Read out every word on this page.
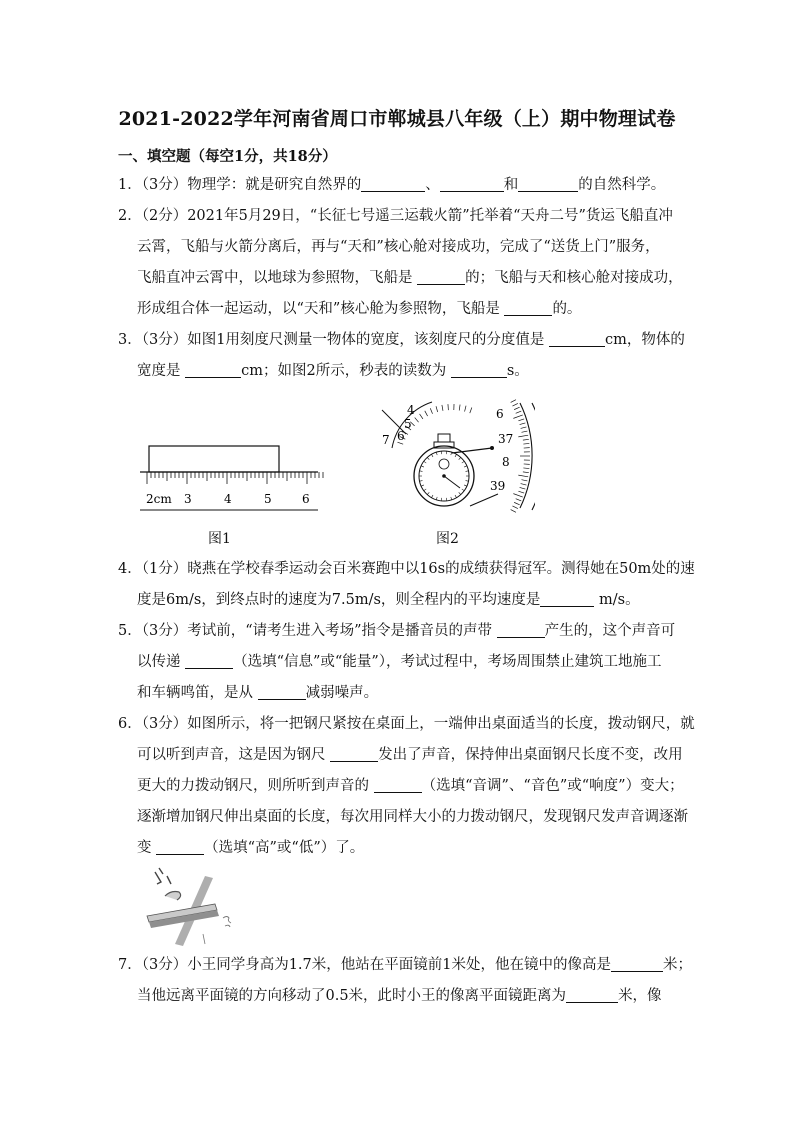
2021-2022学年河南省周口市郸城县八年级（上）期中物理试卷
一、填空题（每空1分，共18分）
1．（3分）物理学：就是研究自然界的	、	和	的自然科学。
2．（2分）2021年5月29日，“长征七号遥三运载火箭”托举着“天舟二号”货运飞船直冲
云霄，飞船与火箭分离后，再与“天和”核心舱对接成功，完成了“送货上门”服务，
飞船直冲云霄中，以地球为参照物，飞船是	的；飞船与天和核心舱对接成功，
形成组合体一起运动，以“天和”核心舱为参照物，飞船是	的。
3．（3分）如图1用刻度尺测量一物体的宽度，该刻度尺的分度值是	cm，物体的
宽度是	cm；如图2所示，秒表的读数为	s。
2cm 3	4	5	6
图1
4
5
6
7
6
37
8
39
图2
4．（1分）晓燕在学校春季运动会百米赛跑中以16s的成绩获得冠军。测得她在50m处的速
度是6m/s，到终点时的速度为7.5m/s，则全程内的平均速度是	m/s。
5．（3分）考试前，“请考生进入考场”指令是播音员的声带	产生的，这个声音可
以传递	（选填“信息”或“能量”），考试过程中，考场周围禁止建筑工地施工
和车辆鸣笛，是从	减弱噪声。
6．（3分）如图所示，将一把钢尺紧按在桌面上，一端伸出桌面适当的长度，拨动钢尺，就
可以听到声音，这是因为钢尺	发出了声音，保持伸出桌面钢尺长度不变，改用
更大的力拨动钢尺，则所听到声音的	（选填“音调”、“音色”或“响度”）变大；
逐渐增加钢尺伸出桌面的长度，每次用同样大小的力拨动钢尺，发现钢尺发声音调逐渐
变	（选填“高”或“低”）了。
7．（3分）小王同学身高为1.7米，他站在平面镜前1米处，他在镜中的像高是	米；
当他远离平面镜的方向移动了0.5米，此时小王的像离平面镜距离为	米，像
